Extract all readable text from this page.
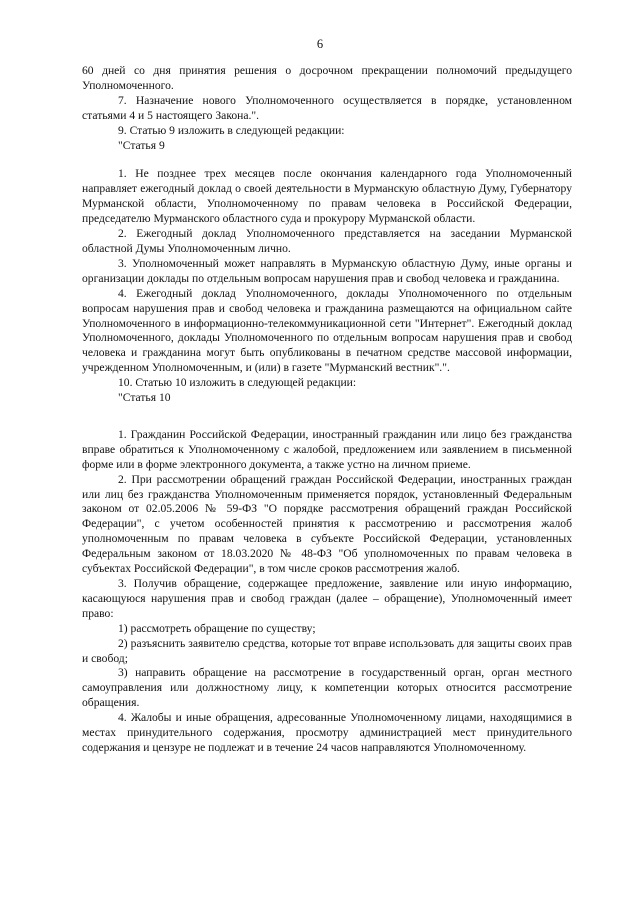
6

60 дней со дня принятия решения о досрочном прекращении полномочий предыдущего Уполномоченного.

7. Назначение нового Уполномоченного осуществляется в порядке, установленном статьями 4 и 5 настоящего Закона.".

9. Статью 9 изложить в следующей редакции:

"Статья 9

1. Не позднее трех месяцев после окончания календарного года Уполномоченный направляет ежегодный доклад о своей деятельности в Мурманскую областную Думу, Губернатору Мурманской области, Уполномоченному по правам человека в Российской Федерации, председателю Мурманского областного суда и прокурору Мурманской области.

2. Ежегодный доклад Уполномоченного представляется на заседании Мурманской областной Думы Уполномоченным лично.

3. Уполномоченный может направлять в Мурманскую областную Думу, иные органы и организации доклады по отдельным вопросам нарушения прав и свобод человека и гражданина.

4. Ежегодный доклад Уполномоченного, доклады Уполномоченного по отдельным вопросам нарушения прав и свобод человека и гражданина размещаются на официальном сайте Уполномоченного в информационно-телекоммуникационной сети "Интернет". Ежегодный доклад Уполномоченного, доклады Уполномоченного по отдельным вопросам нарушения прав и свобод человека и гражданина могут быть опубликованы в печатном средстве массовой информации, учрежденном Уполномоченным, и (или) в газете "Мурманский вестник".".

10. Статью 10 изложить в следующей редакции:

"Статья 10

1. Гражданин Российской Федерации, иностранный гражданин или лицо без гражданства вправе обратиться к Уполномоченному с жалобой, предложением или заявлением в письменной форме или в форме электронного документа, а также устно на личном приеме.

2. При рассмотрении обращений граждан Российской Федерации, иностранных граждан или лиц без гражданства Уполномоченным применяется порядок, установленный Федеральным законом от 02.05.2006 № 59-ФЗ "О порядке рассмотрения обращений граждан Российской Федерации", с учетом особенностей принятия к рассмотрению и рассмотрения жалоб уполномоченным по правам человека в субъекте Российской Федерации, установленных Федеральным законом от 18.03.2020 № 48-ФЗ "Об уполномоченных по правам человека в субъектах Российской Федерации", в том числе сроков рассмотрения жалоб.

3. Получив обращение, содержащее предложение, заявление или иную информацию, касающуюся нарушения прав и свобод граждан (далее – обращение), Уполномоченный имеет право:

1) рассмотреть обращение по существу;

2) разъяснить заявителю средства, которые тот вправе использовать для защиты своих прав и свобод;

3) направить обращение на рассмотрение в государственный орган, орган местного самоуправления или должностному лицу, к компетенции которых относится рассмотрение обращения.

4. Жалобы и иные обращения, адресованные Уполномоченному лицами, находящимися в местах принудительного содержания, просмотру администрацией мест принудительного содержания и цензуре не подлежат и в течение 24 часов направляются Уполномоченному.
